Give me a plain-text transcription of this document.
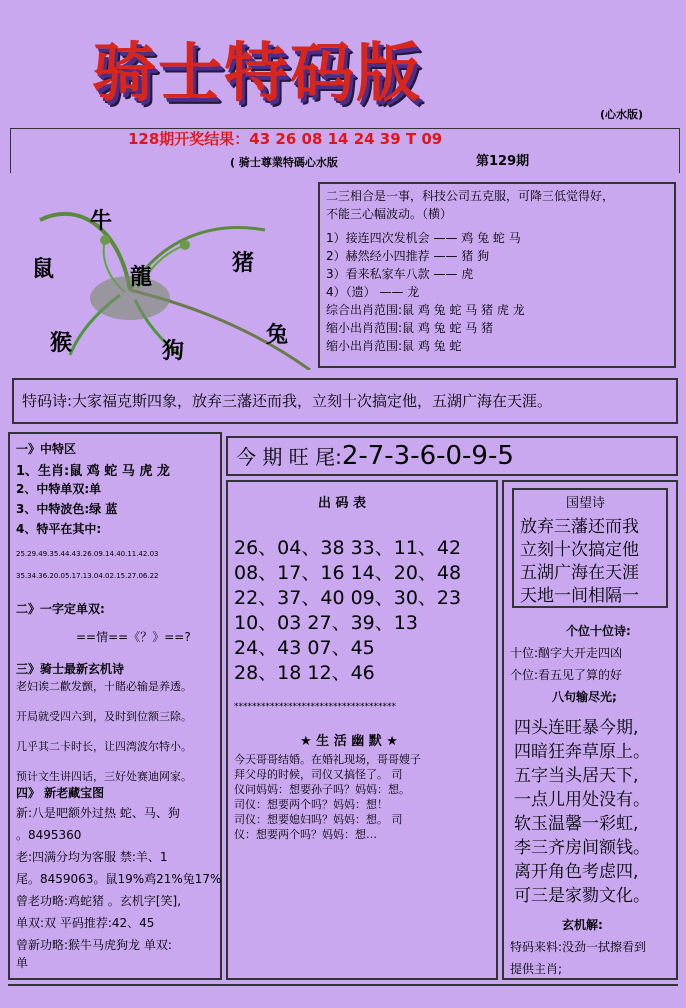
骑士特码版
(心水版)
128期开奖结果：43 26 08 14 24 39 T 09
( 骑士尊業特碼心水版	第129期
牛
鼠	龍
猪
猴	狗
兔

二三相合是一事，科技公司五克服，可降三低觉得好，

不能三心幅波动。（横）

1）接连四次发机会 —— 鸡 兔 蛇 马

2）赫然经小四推荐 —— 猪 狗

3）看来私家车八款 —— 虎

4）（遗） —— 龙

综合出肖范围:鼠 鸡 兔 蛇 马 猪 虎 龙

缩小出肖范围:鼠 鸡 兔 蛇 马 猪

缩小出肖范围:鼠 鸡 兔 蛇

特码诗:大家福克斯四象，放弃三藩还而我，立刻十次搞定他，五湖广海在天涯。
一》中特区
1、生肖:鼠 鸡 蛇 马 虎 龙
2、中特单双:单
3、中特波色:绿 蓝
4、特平在其中:
25.29.49.35.44.43.26.09.14.40.11.42.03
35.34.36.20.05.17.13.04.02.15.27.06.22
二》一字定单双:
==情==《？》==?
三》骑士最新玄机诗
老妇诶二歡发颤，十賭必输是养透。
开局就受四六到，及时到位额三除。
几乎其二卡时长，让四湾波尔特小。
预计文生讲四话，三好处赛迪网家。
四》 新老藏宝图
新:八是吧额外过热 蛇、马、狗
。8495360
老:四满分均为客服 禁:羊、1
尾。8459063。鼠19%鸡21%兔17%
曾老功略:鸡蛇猪 。玄机字[笑],
单双:双 平码推荐:42、45
曾新功略:猴牛马虎狗龙 单双:
单
今 期 旺 尾:2-7-3-6-0-9-5
出 码 表
26、04、38 33、11、42
08、17、16 14、20、48
22、37、40 09、30、23
10、03 27、39、13
24、43 07、45
28、18 12、46
************************************
★ 生 活 幽 默 ★
今天哥哥结婚。在婚礼现场，哥哥嫂子
拜父母的时候，司仪又搞怪了。 司
仪问妈妈：想要孙子吗？妈妈：想。
司仪：想要两个吗？妈妈：想！
司仪：想要媳妇吗？妈妈：想。 司
仪：想要两个吗？妈妈：想…
国望诗
放弃三藩还而我
立刻十次搞定他
五湖广海在天涯
天地一间相隔一
个位十位诗:
十位:酗字大开走四凶
个位:看五见了算的好
八句输尽光;
四头连旺暴今期,
四暗狂奔草原上。
五字当头居天下,
一点儿用处没有。
软玉温馨一彩虹,
李三齐房间额钱。
离开角色考虑四,
可三是家勠文化。
玄机解:
特码来料:没劲一拭擦看到
提供主肖;
